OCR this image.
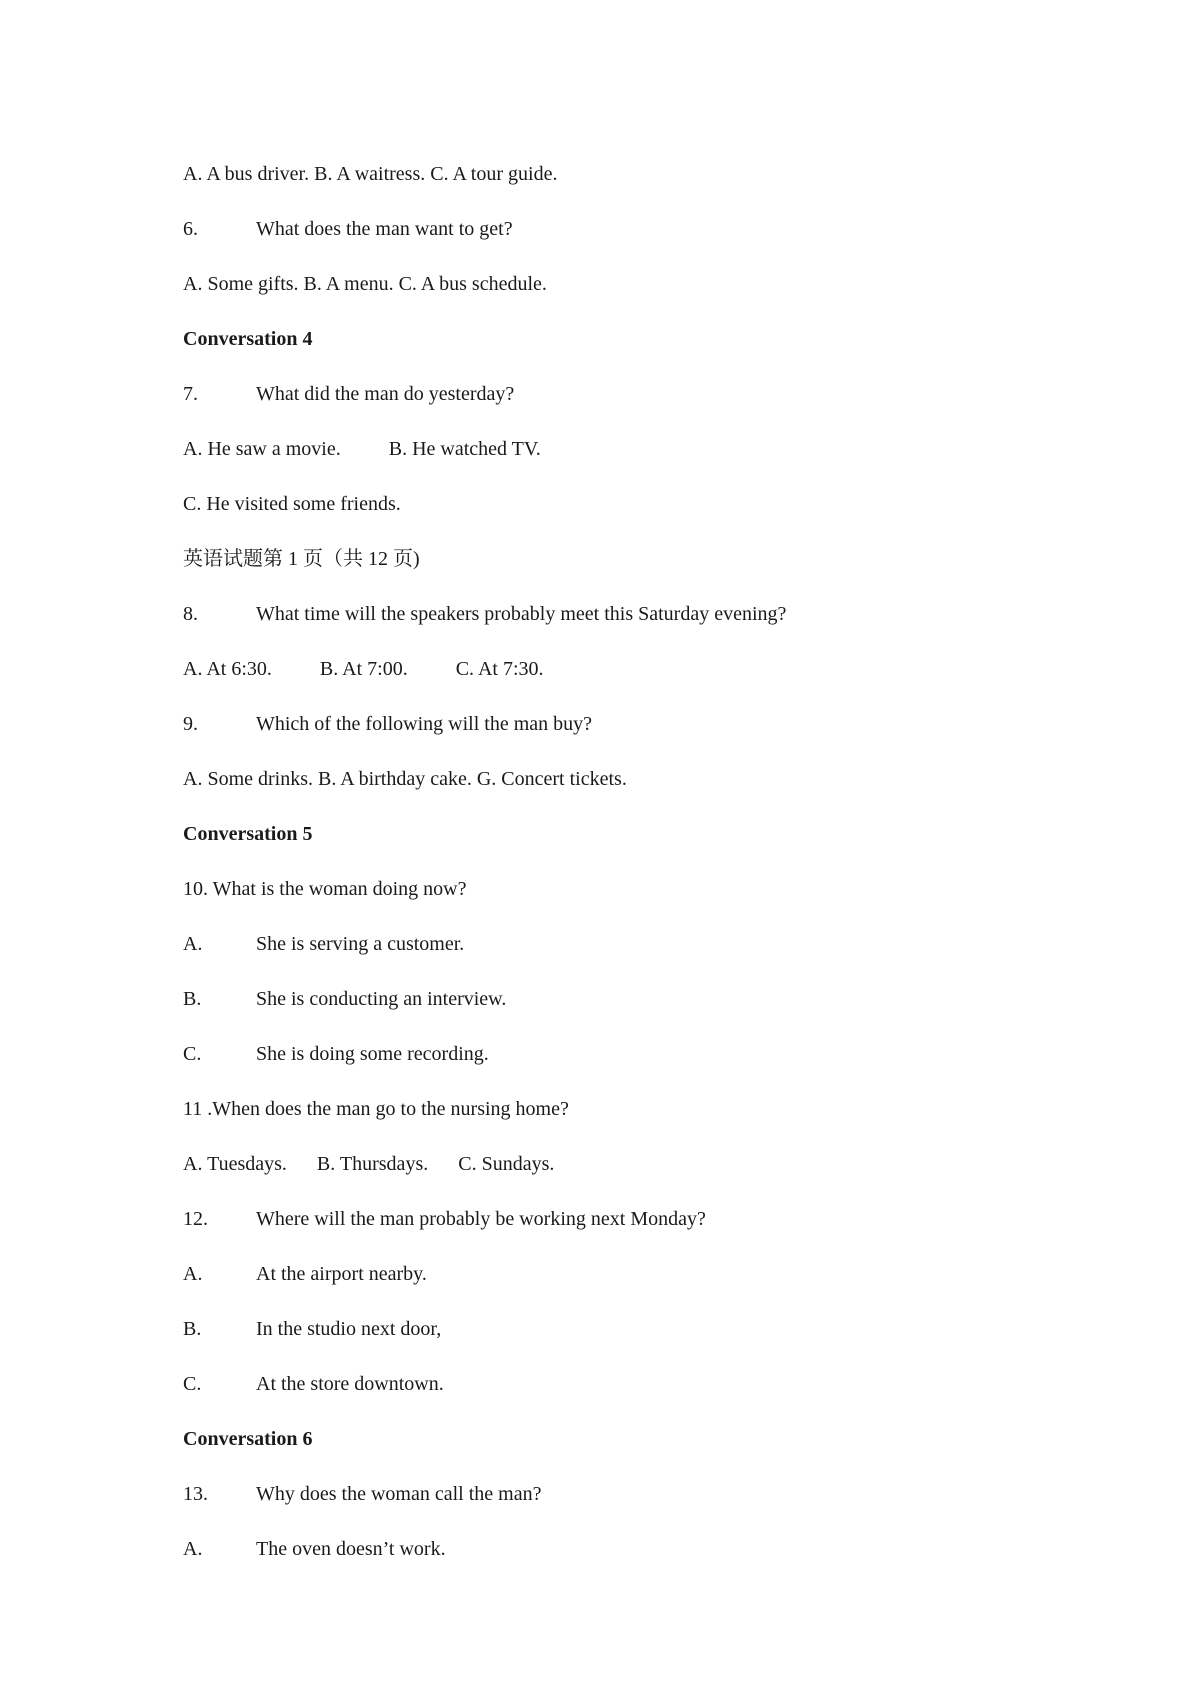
A. A bus driver. B. A waitress. C. A tour guide.
6.	What does the man want to get?
A. Some gifts. B. A menu. C. A bus schedule.
Conversation 4
7.	What did the man do yesterday?
A. He saw a movie. B. He watched TV.
C. He visited some friends.
英语试题第 1 页（共 12 页)
8.	What time will the speakers probably meet this Saturday evening?
A. At 6:30. B. At 7:00. C. At 7:30.
9.	Which of the following will the man buy?
A. Some drinks. B. A birthday cake. G. Concert tickets.
Conversation 5
10. What is the woman doing now?
A.	She is serving a customer.
B.	She is conducting an interview.
C.	She is doing some recording.
11 .When does the man go to the nursing home?
A. Tuesdays. B. Thursdays. C. Sundays.
12. Where will the man probably be working next Monday?
A.	At the airport nearby.
B.	In the studio next door,
C.	At the store downtown.
Conversation 6
13. Why does the woman call the man?
A.	The oven doesn’t work.
